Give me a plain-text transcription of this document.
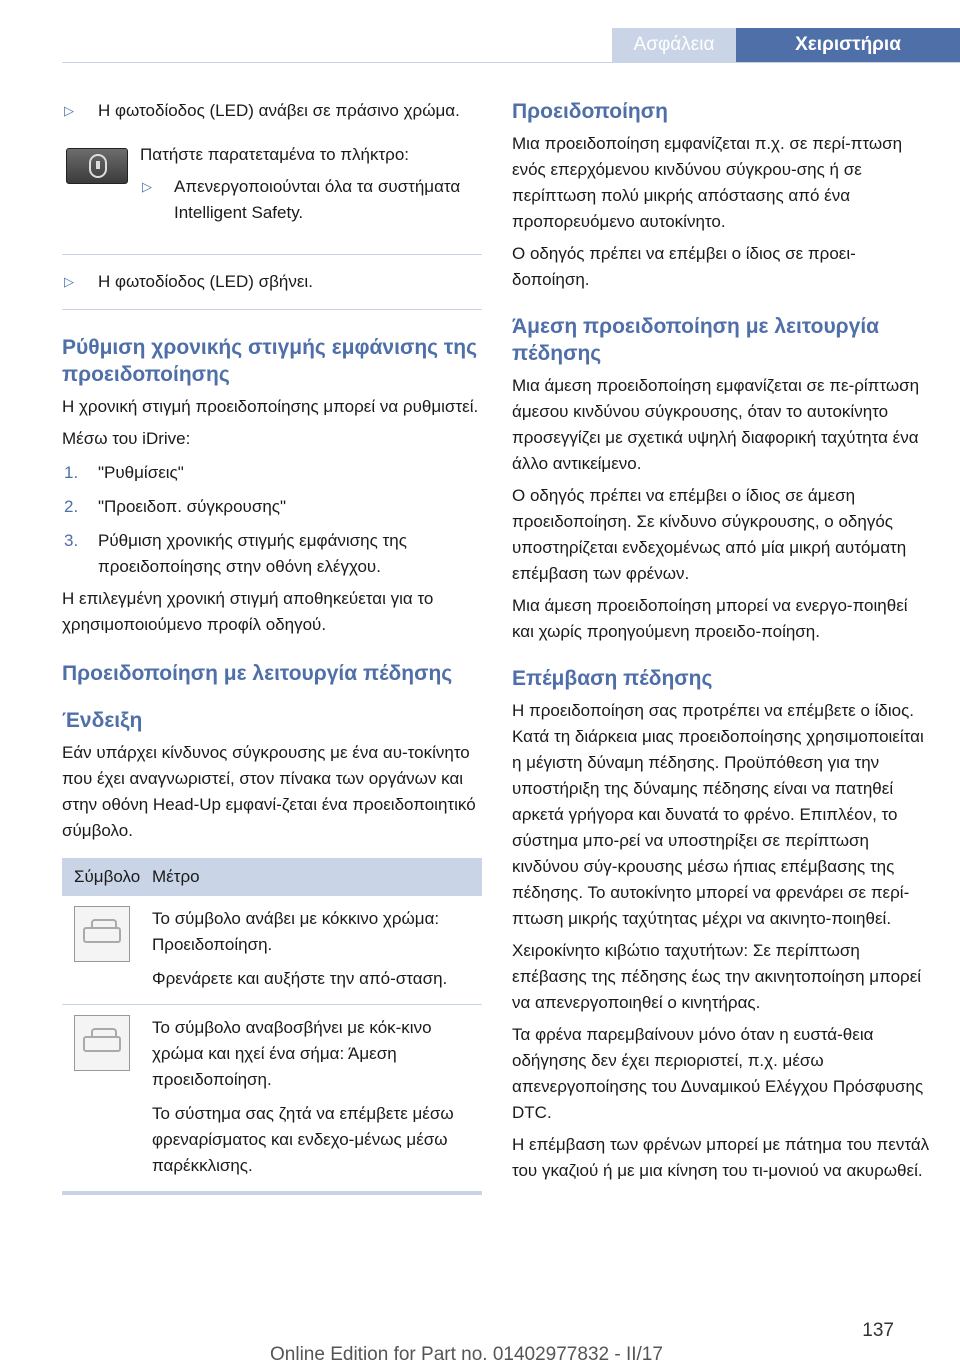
Ασφάλεια	Χειριστήρια
▷ Η φωτοδίοδος (LED) ανάβει σε πράσινο χρώμα.
Πατήστε παρατεταμένα το πλήκτρο:
▷ Απενεργοποιούνται όλα τα συστήματα Intelligent Safety.
▷ Η φωτοδίοδος (LED) σβήνει.
Ρύθμιση χρονικής στιγμής εμφάνισης της προειδοποίησης

Η χρονική στιγμή προειδοποίησης μπορεί να ρυθμιστεί.

Μέσω του iDrive:

1. "Ρυθμίσεις"
2. "Προειδοπ. σύγκρουσης"
3. Ρύθμιση χρονικής στιγμής εμφάνισης της προειδοποίησης στην οθόνη ελέγχου.

Η επιλεγμένη χρονική στιγμή αποθηκεύεται για το χρησιμοποιούμενο προφίλ οδηγού.

Προειδοποίηση με λειτουργία πέδησης
Ένδειξη

Εάν υπάρχει κίνδυνος σύγκρουσης με ένα αυ-τοκίνητο που έχει αναγνωριστεί, στον πίνακα των οργάνων και στην οθόνη Head-Up εμφανί-ζεται ένα προειδοποιητικό σύμβολο.

Σύμβολο	Μέτρο

	Το σύμβολο ανάβει με κόκκινο χρώμα: Προειδοποίηση.
Φρενάρετε και αυξήστε την από-σταση.

	Το σύμβολο αναβοσβήνει με κόκ-κινο χρώμα και ηχεί ένα σήμα: Άμεση προειδοποίηση.
Το σύστημα σας ζητά να επέμβετε μέσω φρεναρίσματος και ενδεχο-μένως μέσω παρέκκλισης.
Προειδοποίηση

Μια προειδοποίηση εμφανίζεται π.χ. σε περί-πτωση ενός επερχόμενου κινδύνου σύγκρου-σης ή σε περίπτωση πολύ μικρής απόστασης από ένα προπορευόμενο αυτοκίνητο.

Ο οδηγός πρέπει να επέμβει ο ίδιος σε προει-δοποίηση.

Άμεση προειδοποίηση με λειτουργία πέδησης

Μια άμεση προειδοποίηση εμφανίζεται σε πε-ρίπτωση άμεσου κινδύνου σύγκρουσης, όταν το αυτοκίνητο προσεγγίζει με σχετικά υψηλή διαφορική ταχύτητα ένα άλλο αντικείμενο.

Ο οδηγός πρέπει να επέμβει ο ίδιος σε άμεση προειδοποίηση. Σε κίνδυνο σύγκρουσης, ο οδηγός υποστηρίζεται ενδεχομένως από μία μικρή αυτόματη επέμβαση των φρένων.

Μια άμεση προειδοποίηση μπορεί να ενεργο-ποιηθεί και χωρίς προηγούμενη προειδο-ποίηση.

Επέμβαση πέδησης

Η προειδοποίηση σας προτρέπει να επέμβετε ο ίδιος. Κατά τη διάρκεια μιας προειδοποίησης χρησιμοποιείται η μέγιστη δύναμη πέδησης. Προϋπόθεση για την υποστήριξη της δύναμης πέδησης είναι να πατηθεί αρκετά γρήγορα και δυνατά το φρένο. Επιπλέον, το σύστημα μπο-ρεί να υποστηρίξει σε περίπτωση κινδύνου σύγ-κρουσης μέσω ήπιας επέμβασης της πέδησης. Το αυτοκίνητο μπορεί να φρενάρει σε περί-πτωση μικρής ταχύτητας μέχρι να ακινητο-ποιηθεί.

Χειροκίνητο κιβώτιο ταχυτήτων: Σε περίπτωση επέβασης της πέδησης έως την ακινητοποίηση μπορεί να απενεργοποιηθεί ο κινητήρας.

Τα φρένα παρεμβαίνουν μόνο όταν η ευστά-θεια οδήγησης δεν έχει περιοριστεί, π.χ. μέσω απενεργοποίησης του Δυναμικού Ελέγχου Πρόσφυσης DTC.

Η επέμβαση των φρένων μπορεί με πάτημα του πεντάλ του γκαζιού ή με μια κίνηση του τι-μονιού να ακυρωθεί.

137
Online Edition for Part no. 01402977832 - II/17
